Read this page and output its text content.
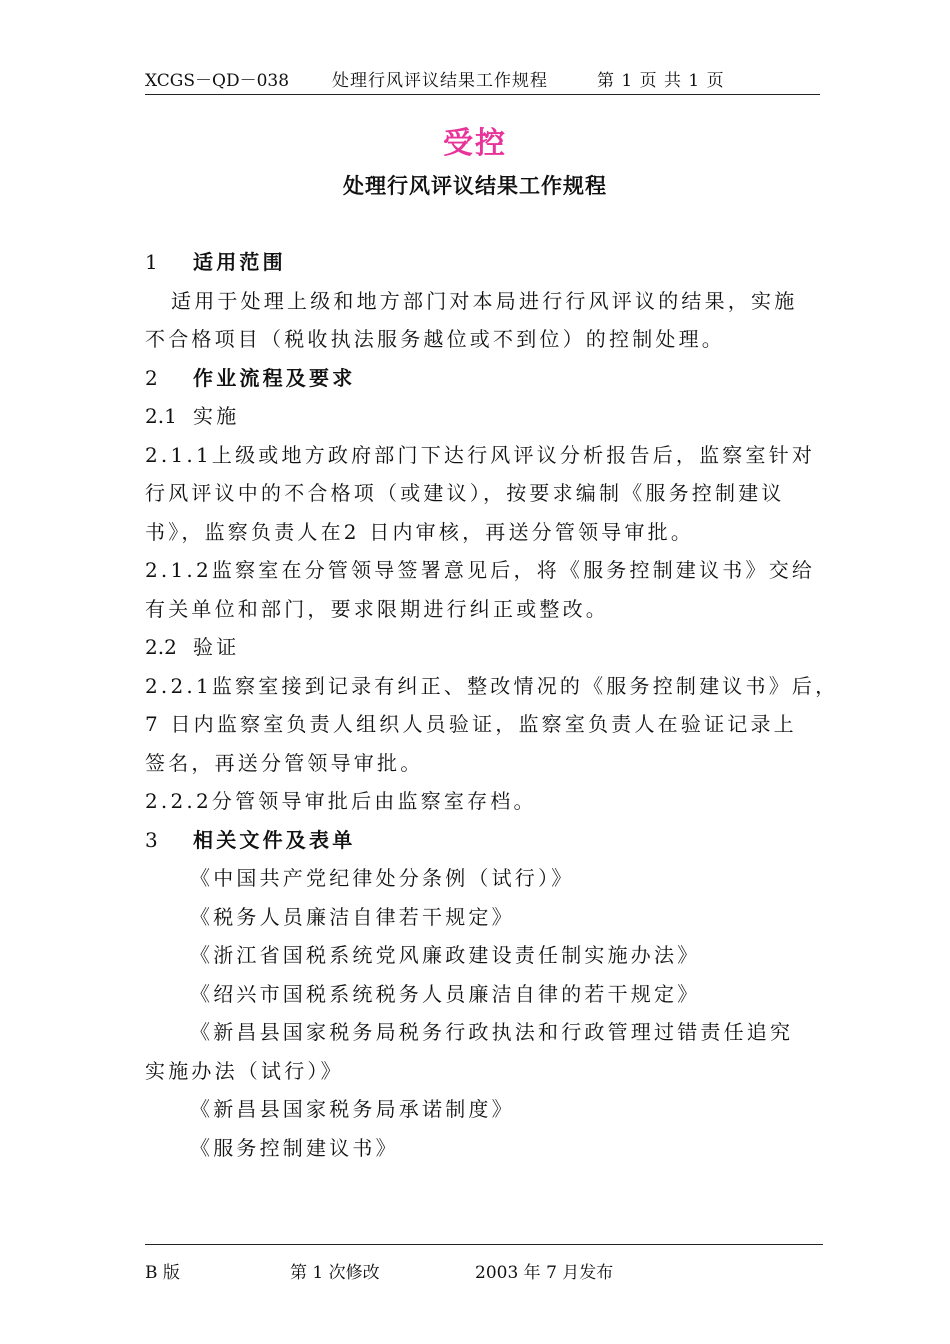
XCGS－QD－038	处理行风评议结果工作规程	第 1 页 共 1 页
受控
处理行风评议结果工作规程
1 适用范围
适用于处理上级和地方部门对本局进行行风评议的结果，实施
不合格项目（税收执法服务越位或不到位）的控制处理。
2 作业流程及要求
2.1 实施
2.1.1上级或地方政府部门下达行风评议分析报告后，监察室针对
行风评议中的不合格项（或建议），按要求编制《服务控制建议
书》，监察负责人在2 日内审核，再送分管领导审批。
2.1.2监察室在分管领导签署意见后，将《服务控制建议书》交给
有关单位和部门，要求限期进行纠正或整改。
2.2 验证
2.2.1监察室接到记录有纠正、整改情况的《服务控制建议书》后，
7 日内监察室负责人组织人员验证，监察室负责人在验证记录上
签名，再送分管领导审批。
2.2.2分管领导审批后由监察室存档。
3 相关文件及表单
《中国共产党纪律处分条例（试行）》
《税务人员廉洁自律若干规定》
《浙江省国税系统党风廉政建设责任制实施办法》
《绍兴市国税系统税务人员廉洁自律的若干规定》
《新昌县国家税务局税务行政执法和行政管理过错责任追究
实施办法（试行）》
《新昌县国家税务局承诺制度》
《服务控制建议书》
B 版	第 1 次修改	2003 年 7 月发布
